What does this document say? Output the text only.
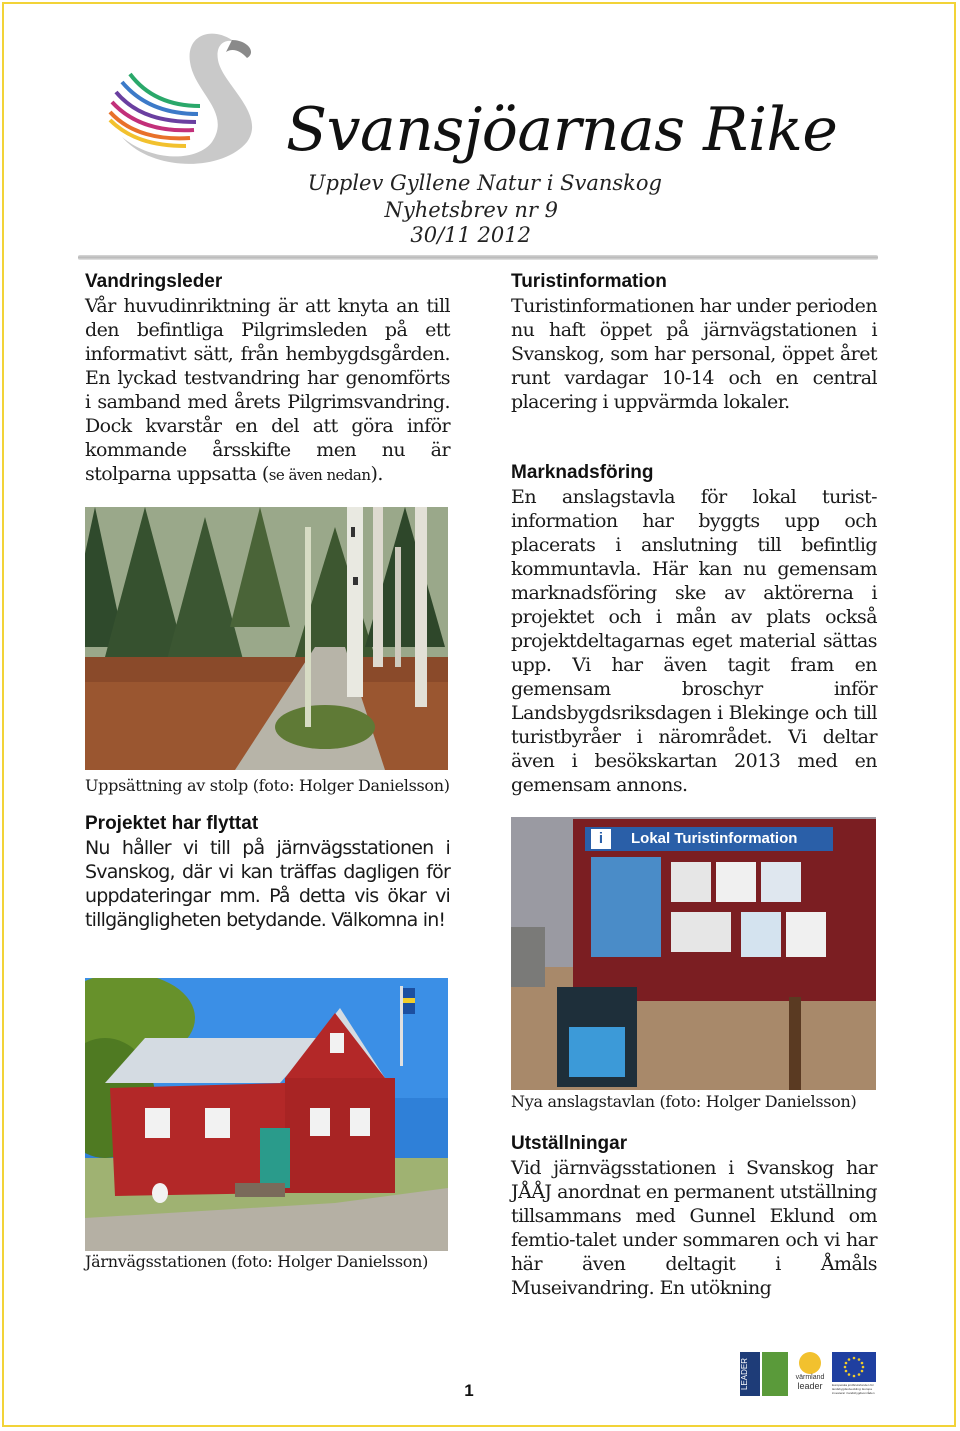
Svansjöarnas Rike
Upplev Gyllene Natur i Svanskog
Nyhetsbrev nr 9
30/11 2012
Vandringsleder

Vår huvudinriktning är att knyta an till den befintliga Pilgrimsleden på ett informativt sätt, från hembygdsgården. En lyckad testvandring har genomförts i samband med årets Pilgrimsvandring. Dock kvarstår en del att göra inför kommande årsskifte men nu är stolparna uppsatta (se även nedan).

Uppsättning av stolp (foto: Holger Danielsson)
Projektet har flyttat

Nu håller vi till på järnvägsstationen i Svanskog, där vi kan träffas dagligen för uppdateringar mm. På detta vis ökar vi tillgängligheten betydande. Välkomna in!

Järnvägsstationen (foto: Holger Danielsson)
Turistinformation

Turistinformationen har under perioden nu haft öppet på järnvägstationen i Svanskog, som har personal, öppet året runt vardagar 10-14 och en central placering i uppvärmda lokaler.

Marknadsföring

En anslagstavla för lokal turist-information har byggts upp och placerats i anslutning till befintlig kommuntavla. Här kan nu gemensam marknadsföring ske av aktörerna i projektet och i mån av plats också projektdeltagarnas eget material sättas upp. Vi har även tagit fram en gemensam broschyr inför Landsbygdsriksdagen i Blekinge och till turistbyråer i närområdet. Vi deltar även i besökskartan 2013 med en gemensam annons.

i	Lokal Turistinformation
Nya anslagstavlan (foto: Holger Danielsson)
Utställningar

Vid järnvägsstationen i Svanskog har JÅÅJ anordnat en permanent utställning tillsammans med Gunnel Eklund om femtio-talet under sommaren och vi har här även deltagit i Åmåls Museivandring. En utökning

1
LEADER	värmland
leader	Europeiska jordbruksfonden för landsbygdsutveckling: Europa investerar i landsbygdsområden
